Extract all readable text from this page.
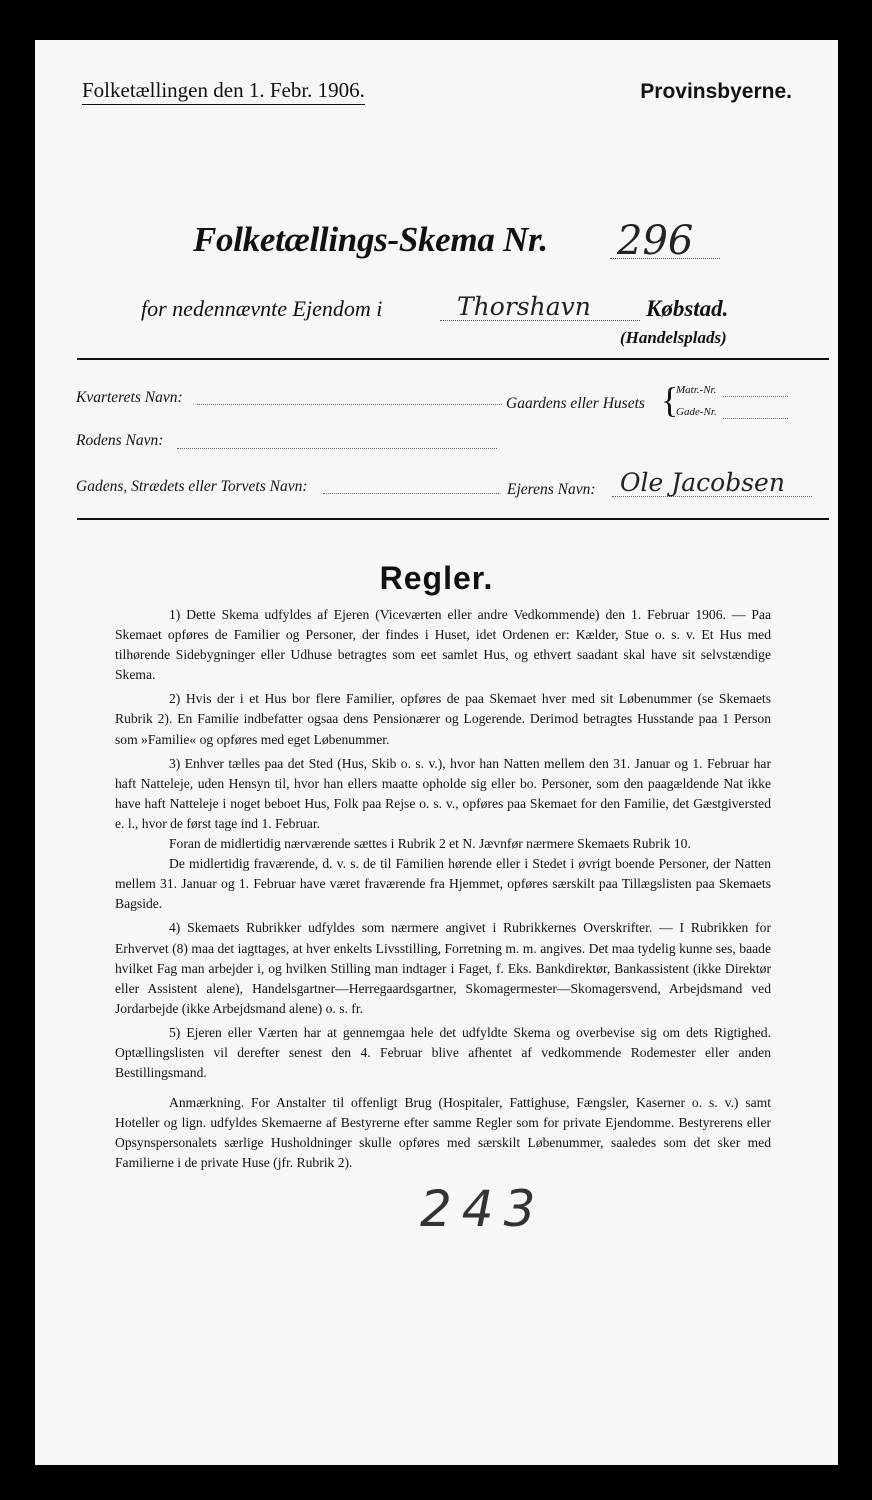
Folketællingen den 1. Febr. 1906.	Provinsbyerne.
Folketællings-Skema Nr. 296
for nedennævnte Ejendom i	Thorshavn Købstad.
(Handelsplads)
Kvarterets Navn:	Gaardens eller Husets {
Matr.-Nr.
Gade-Nr.
Rodens Navn:
Gadens, Strædets eller Torvets Navn:	Ejerens Navn: Ole Jacobsen
Regler.

1) Dette Skema udfyldes af Ejeren (Viceværten eller andre Vedkommende) den 1. Februar 1906. — Paa Skemaet opføres de Familier og Personer, der findes i Huset, idet Ordenen er: Kælder, Stue o. s. v. Et Hus med tilhørende Sidebygninger eller Udhuse betragtes som eet samlet Hus, og ethvert saadant skal have sit selvstændige Skema.

2) Hvis der i et Hus bor flere Familier, opføres de paa Skemaet hver med sit Løbenummer (se Skemaets Rubrik 2). En Familie indbefatter ogsaa dens Pensionærer og Logerende. Derimod betragtes Husstande paa 1 Person som »Familie« og opføres med eget Løbenummer.

3) Enhver tælles paa det Sted (Hus, Skib o. s. v.), hvor han Natten mellem den 31. Januar og 1. Februar har haft Natteleje, uden Hensyn til, hvor han ellers maatte opholde sig eller bo. Personer, som den paagældende Nat ikke have haft Natteleje i noget beboet Hus, Folk paa Rejse o. s. v., opføres paa Skemaet for den Familie, det Gæstgiversted e. l., hvor de først tage ind 1. Februar.

Foran de midlertidig nærværende sættes i Rubrik 2 et N. Jævnfør nærmere Skemaets Rubrik 10.

De midlertidig fraværende, d. v. s. de til Familien hørende eller i Stedet i øvrigt boende Personer, der Natten mellem 31. Januar og 1. Februar have været fraværende fra Hjemmet, opføres særskilt paa Tillægslisten paa Skemaets Bagside.

4) Skemaets Rubrikker udfyldes som nærmere angivet i Rubrikkernes Overskrifter. — I Rubrikken for Erhvervet (8) maa det iagttages, at hver enkelts Livsstilling, Forretning m. m. angives. Det maa tydelig kunne ses, baade hvilket Fag man arbejder i, og hvilken Stilling man indtager i Faget, f. Eks. Bankdirektør, Bankassistent (ikke Direktør eller Assistent alene), Handelsgartner—Herregaardsgartner, Skomagermester—Skomagersvend, Arbejdsmand ved Jordarbejde (ikke Arbejdsmand alene) o. s. fr.

5) Ejeren eller Værten har at gennemgaa hele det udfyldte Skema og overbevise sig om dets Rigtighed. Optællingslisten vil derefter senest den 4. Februar blive afhentet af vedkommende Rodemester eller anden Bestillingsmand.

Anmærkning. For Anstalter til offenligt Brug (Hospitaler, Fattighuse, Fængsler, Kaserner o. s. v.) samt Hoteller og lign. udfyldes Skemaerne af Bestyrerne efter samme Regler som for private Ejendomme. Bestyrerens eller Opsynspersonalets særlige Husholdninger skulle opføres med særskilt Løbenummer, saaledes som det sker med Familierne i de private Huse (jfr. Rubrik 2).

243
